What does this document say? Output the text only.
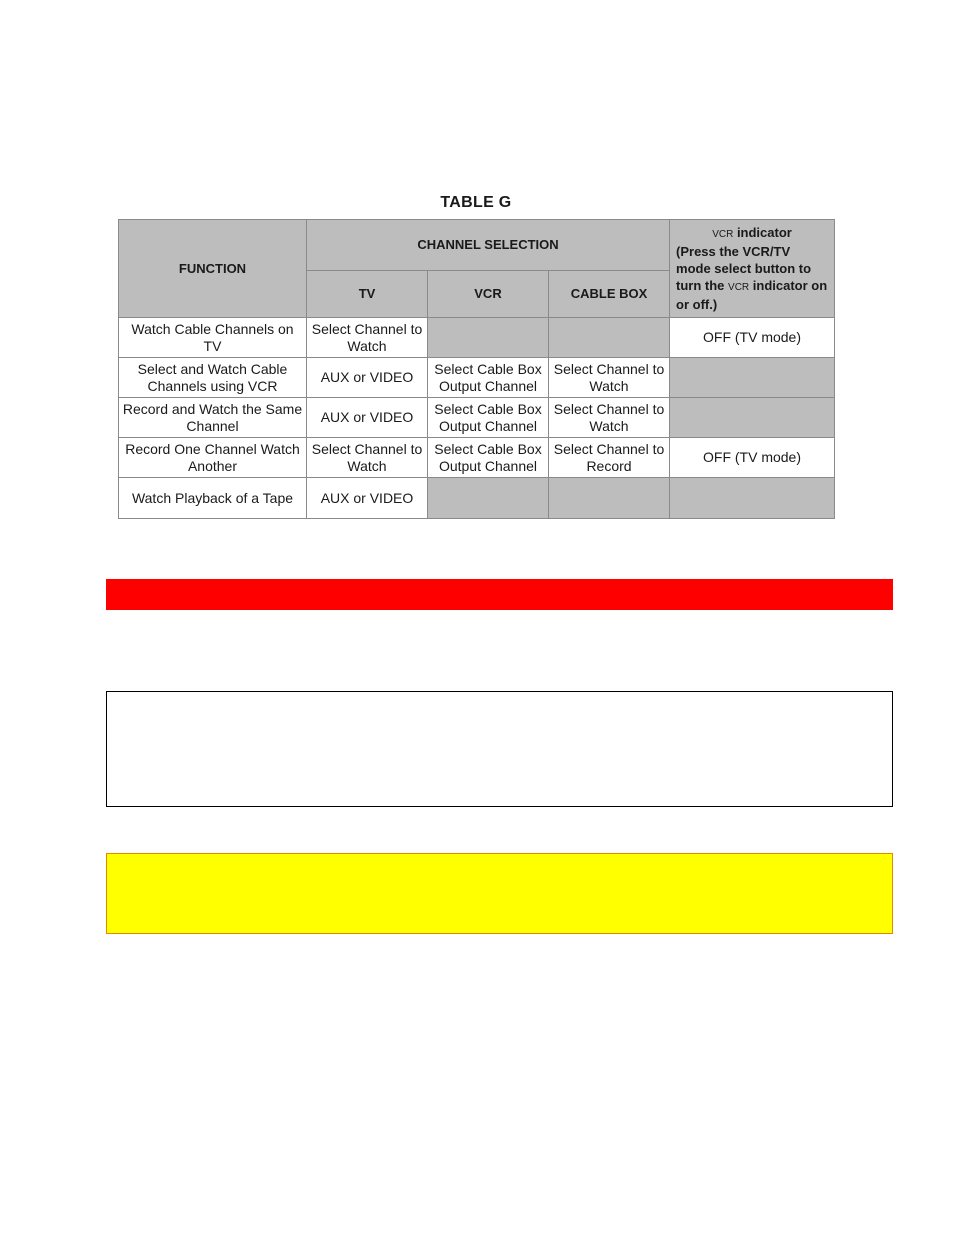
TABLE G
FUNCTION	CHANNEL SELECTION			VCR indicator
(Press the VCR/TV mode select button to turn the VCR indicator on or off.)

	TV	VCR	CABLE BOX	
Watch Cable Channels on TV	Select Channel to Watch			OFF (TV mode)
Select and Watch Cable Channels using VCR	AUX or VIDEO	Select Cable Box Output Channel	Select Channel to Watch	
Record and Watch the Same Channel	AUX or VIDEO	Select Cable Box Output Channel	Select Channel to Watch	
Record One Channel Watch Another	Select Channel to Watch	Select Cable Box Output Channel	Select Channel to Record	OFF (TV mode)
Watch Playback of a Tape	AUX or VIDEO			
